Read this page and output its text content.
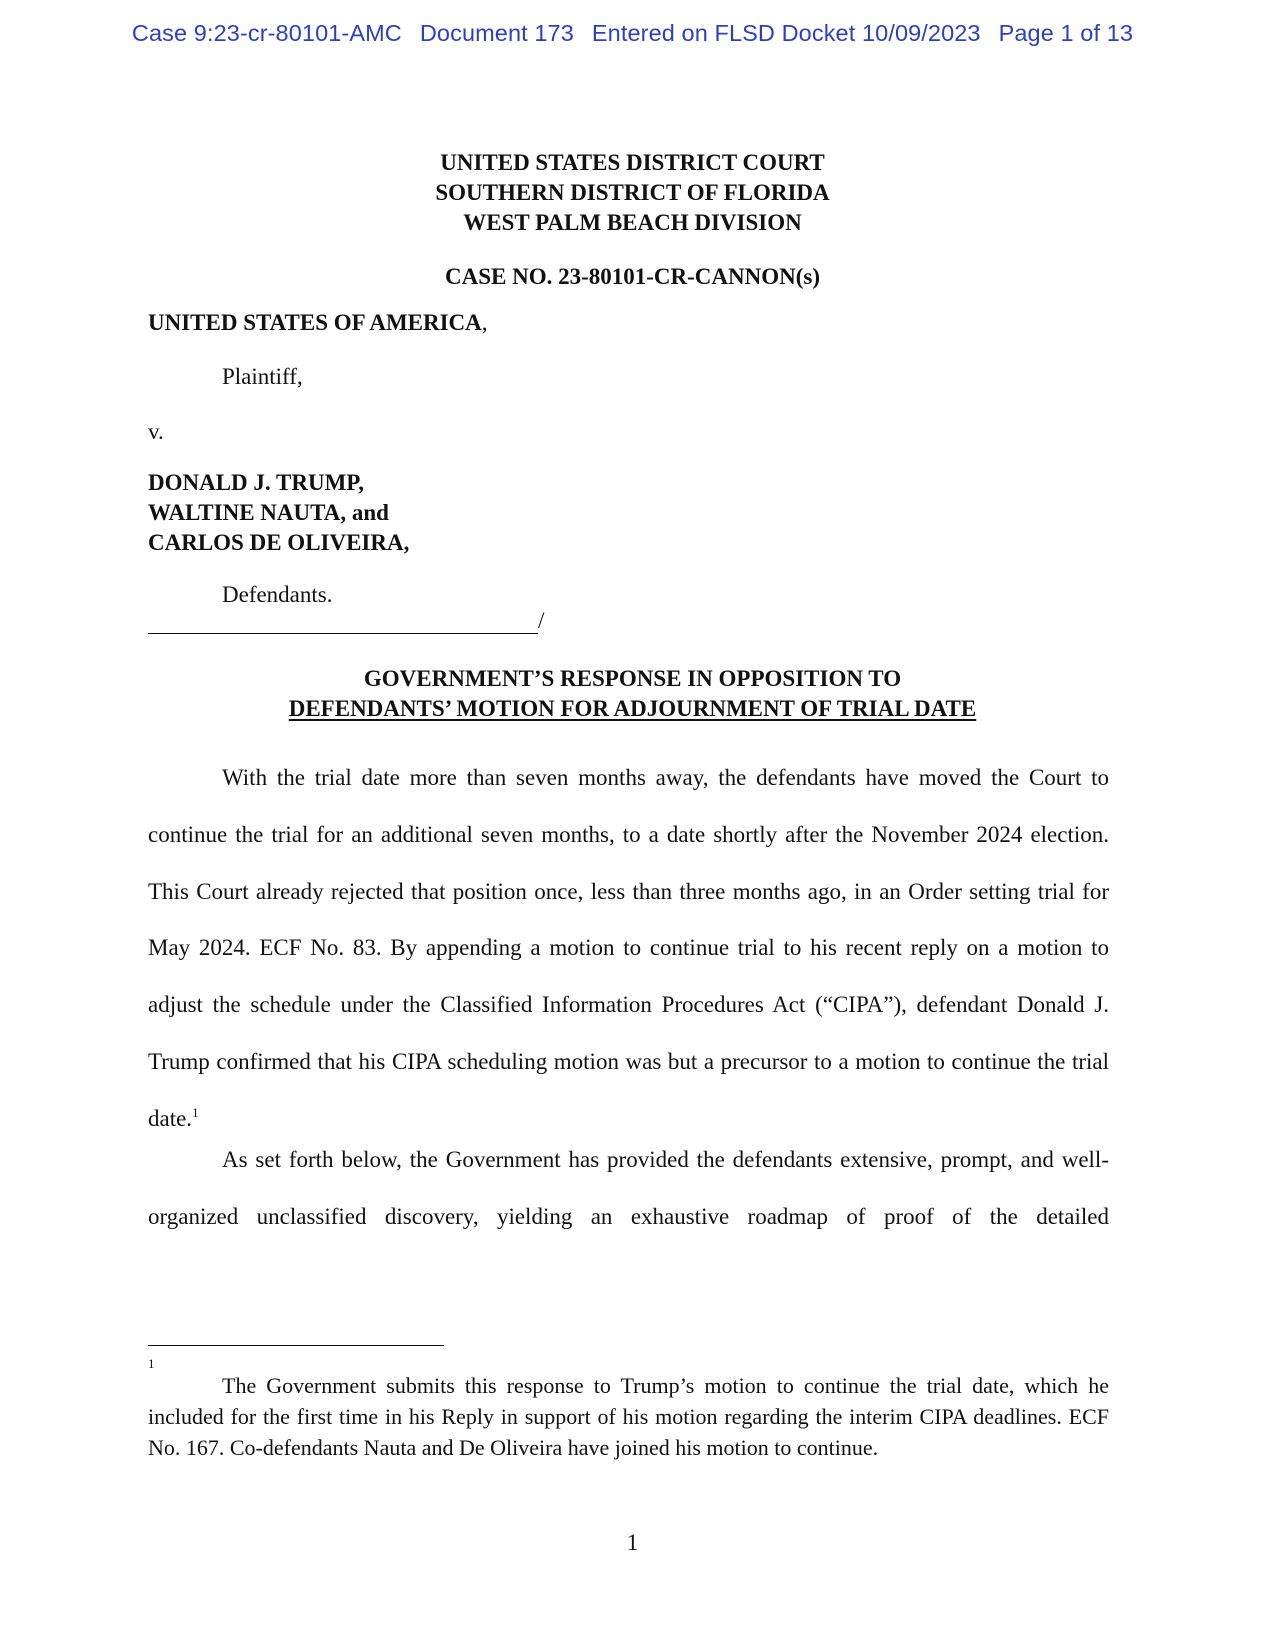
Case 9:23-cr-80101-AMC Document 173 Entered on FLSD Docket 10/09/2023 Page 1 of 13
UNITED STATES DISTRICT COURT
SOUTHERN DISTRICT OF FLORIDA
WEST PALM BEACH DIVISION
CASE NO. 23-80101-CR-CANNON(s)
UNITED STATES OF AMERICA,
Plaintiff,
v.
DONALD J. TRUMP,
WALTINE NAUTA, and
CARLOS DE OLIVEIRA,
Defendants.
/
GOVERNMENT’S RESPONSE IN OPPOSITION TO
DEFENDANTS’ MOTION FOR ADJOURNMENT OF TRIAL DATE

With the trial date more than seven months away, the defendants have moved the Court to continue the trial for an additional seven months, to a date shortly after the November 2024 election. This Court already rejected that position once, less than three months ago, in an Order setting trial for May 2024. ECF No. 83. By appending a motion to continue trial to his recent reply on a motion to adjust the schedule under the Classified Information Procedures Act (“CIPA”), defendant Donald J. Trump confirmed that his CIPA scheduling motion was but a precursor to a motion to continue the trial date.$^1$

As set forth below, the Government has provided the defendants extensive, prompt, and well-organized unclassified discovery, yielding an exhaustive roadmap of proof of the detailed

1

The Government submits this response to Trump’s motion to continue the trial date, which he included for the first time in his Reply in support of his motion regarding the interim CIPA deadlines. ECF No. 167. Co-defendants Nauta and De Oliveira have joined his motion to continue.

1
